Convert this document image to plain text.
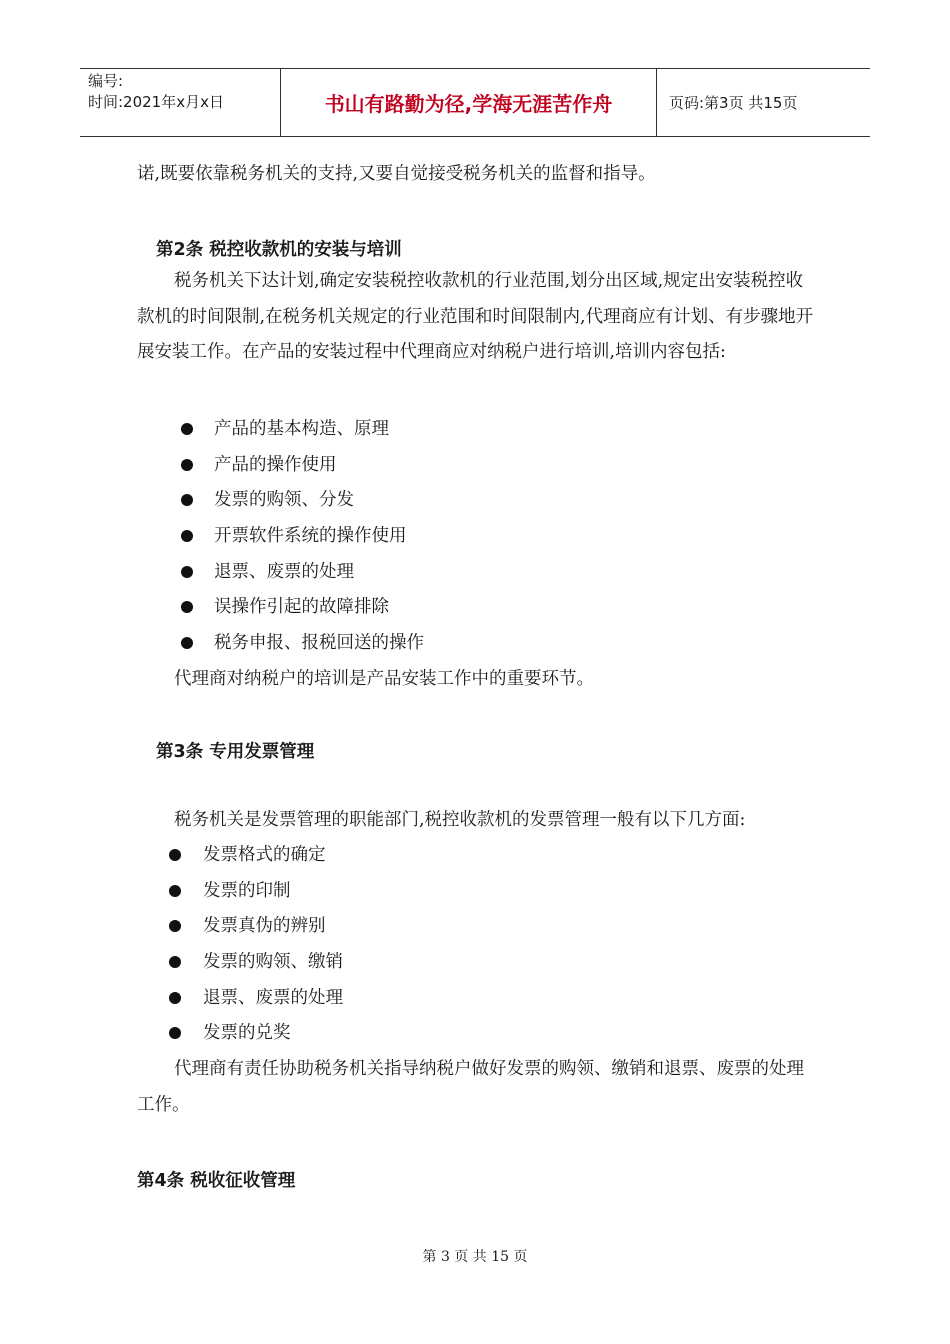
编号:
时间:2021年x月x日	书山有路勤为径,学海无涯苦作舟	页码:第3页 共15页

诺,既要依靠税务机关的支持,又要自觉接受税务机关的监督和指导。

第2条 税控收款机的安装与培训

税务机关下达计划,确定安装税控收款机的行业范围,划分出区域,规定出安装税控收款机的时间限制,在税务机关规定的行业范围和时间限制内,代理商应有计划、有步骤地开展安装工作。在产品的安装过程中代理商应对纳税户进行培训,培训内容包括:

产品的基本构造、原理
产品的操作使用
发票的购领、分发
开票软件系统的操作使用
退票、废票的处理
误操作引起的故障排除
税务申报、报税回送的操作

代理商对纳税户的培训是产品安装工作中的重要环节。

第3条 专用发票管理

税务机关是发票管理的职能部门,税控收款机的发票管理一般有以下几方面:

发票格式的确定
发票的印制
发票真伪的辨别
发票的购领、缴销
退票、废票的处理
发票的兑奖

代理商有责任协助税务机关指导纳税户做好发票的购领、缴销和退票、废票的处理工作。

第4条 税收征收管理
第 3 页 共 15 页
